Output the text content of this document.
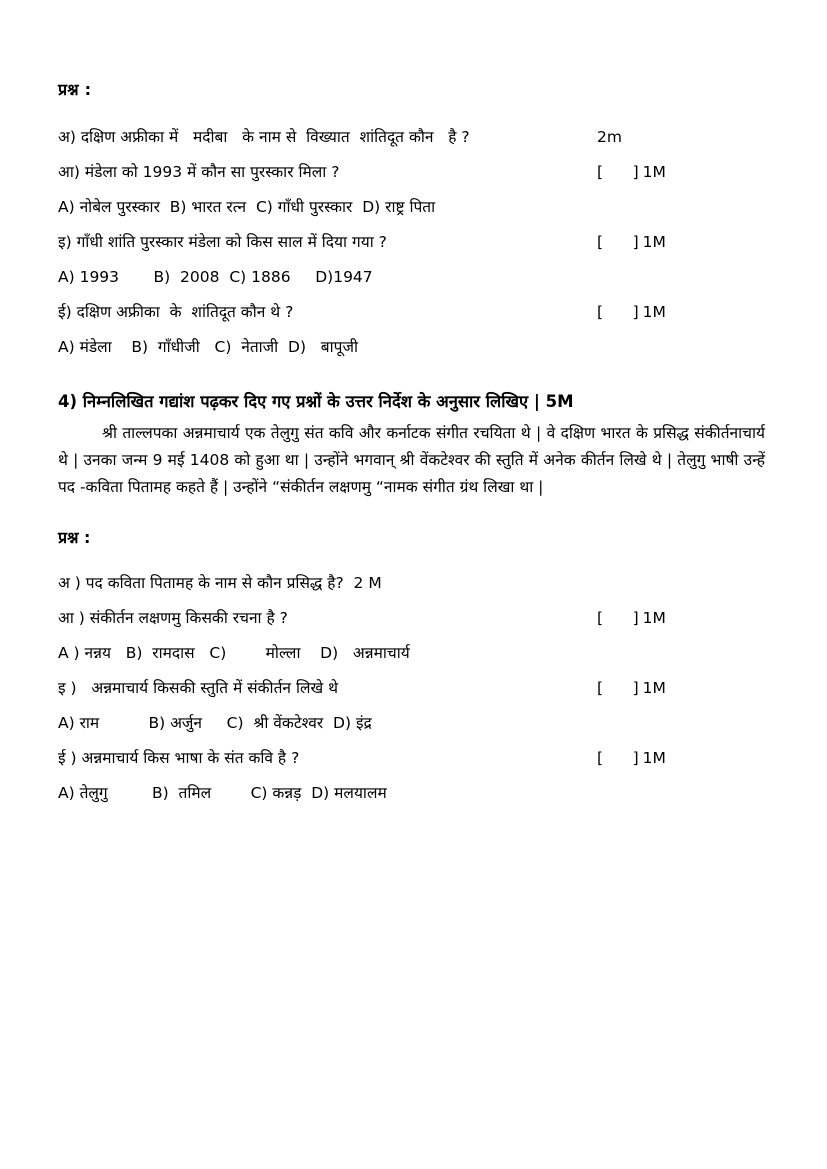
प्रश्न :
अ) दक्षिण अफ्रीका में   मदीबा   के नाम से  विख्यात  शांतिदूत कौन   है ?	2m
आ) मंडेला को 1993 में कौन सा पुरस्कार मिला ?	[      ] 1M
A) नोबेल पुरस्कार  B) भारत रत्न  C) गाँधी पुरस्कार  D) राष्ट्र पिता
इ) गाँधी शांति पुरस्कार मंडेला को किस साल में दिया गया ?	[      ] 1M
A) 1993       B)  2008  C) 1886     D)1947
ई) दक्षिण अफ्रीका  के  शांतिदूत कौन थे ?	[      ] 1M
A) मंडेला    B)  गाँधीजी   C)  नेताजी  D)   बापूजी
4) निम्नलिखित गद्यांश पढ़कर दिए गए प्रश्नों के उत्तर निर्देश के अनुसार लिखिए | 5M
श्री ताल्लपका अन्नमाचार्य एक तेलुगु संत कवि और कर्नाटक संगीत रचयिता थे | वे दक्षिण भारत के प्रसिद्ध संकीर्तनाचार्य थे | उनका जन्म 9 मई 1408 को हुआ था | उन्होंने भगवान् श्री वेंकटेश्वर की स्तुति में अनेक कीर्तन लिखे थे | तेलुगु भाषी उन्हें पद -कविता पितामह कहते हैं | उन्होंने “संकीर्तन लक्षणमु “नामक संगीत ग्रंथ लिखा था |
प्रश्न :
अ ) पद कविता पितामह के नाम से कौन प्रसिद्ध है?  2 M
आ ) संकीर्तन लक्षणमु किसकी रचना है ?	[      ] 1M
A ) नन्नय   B)  रामदास   C)        मोल्ला    D)   अन्नमाचार्य
इ )   अन्नमाचार्य किसकी स्तुति में संकीर्तन लिखे थे	[      ] 1M
A) राम          B) अर्जुन     C)  श्री वेंकटेश्वर  D) इंद्र
ई ) अन्नमाचार्य किस भाषा के संत कवि है ?	[      ] 1M
A) तेलुगु         B)  तमिल        C) कन्नड़  D) मलयालम
